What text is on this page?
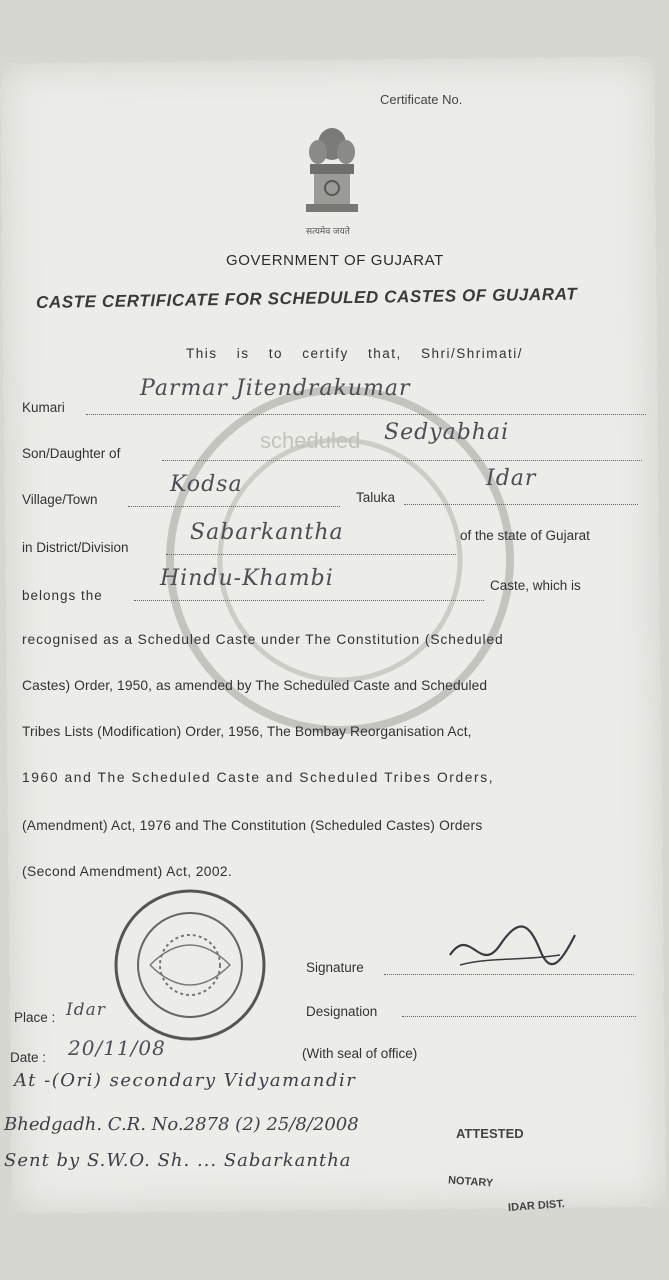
scheduled
Certificate No.
सत्यमेव जयते
GOVERNMENT OF GUJARAT
CASTE CERTIFICATE FOR SCHEDULED CASTES OF GUJARAT
This is to certify that, Shri/Shrimati/
Kumari
Parmar Jitendrakumar
Son/Daughter of
Sedyabhai
Village/Town
Kodsa
Taluka
Idar
in District/Division
Sabarkantha	of the state of Gujarat
belongs the
Hindu-Khambi	Caste, which is
recognised as a Scheduled Caste under The Constitution (Scheduled
Castes) Order, 1950, as amended by The Scheduled Caste and Scheduled
Tribes Lists (Modification) Order, 1956, The Bombay Reorganisation Act,
1960 and The Scheduled Caste and Scheduled Tribes Orders,
(Amendment) Act, 1976 and The Constitution (Scheduled Castes) Orders
(Second Amendment) Act, 2002.
Signature
Designation
(With seal of office)
Place : Idar
Date : 20/11/08
At -(Ori) secondary Vidyamandir
Bhedgadh. C.R. No.2878 (2) 25/8/2008
Sent by S.W.O. Sh. ... Sabarkantha
ATTESTED
NOTARY
IDAR DIST.
